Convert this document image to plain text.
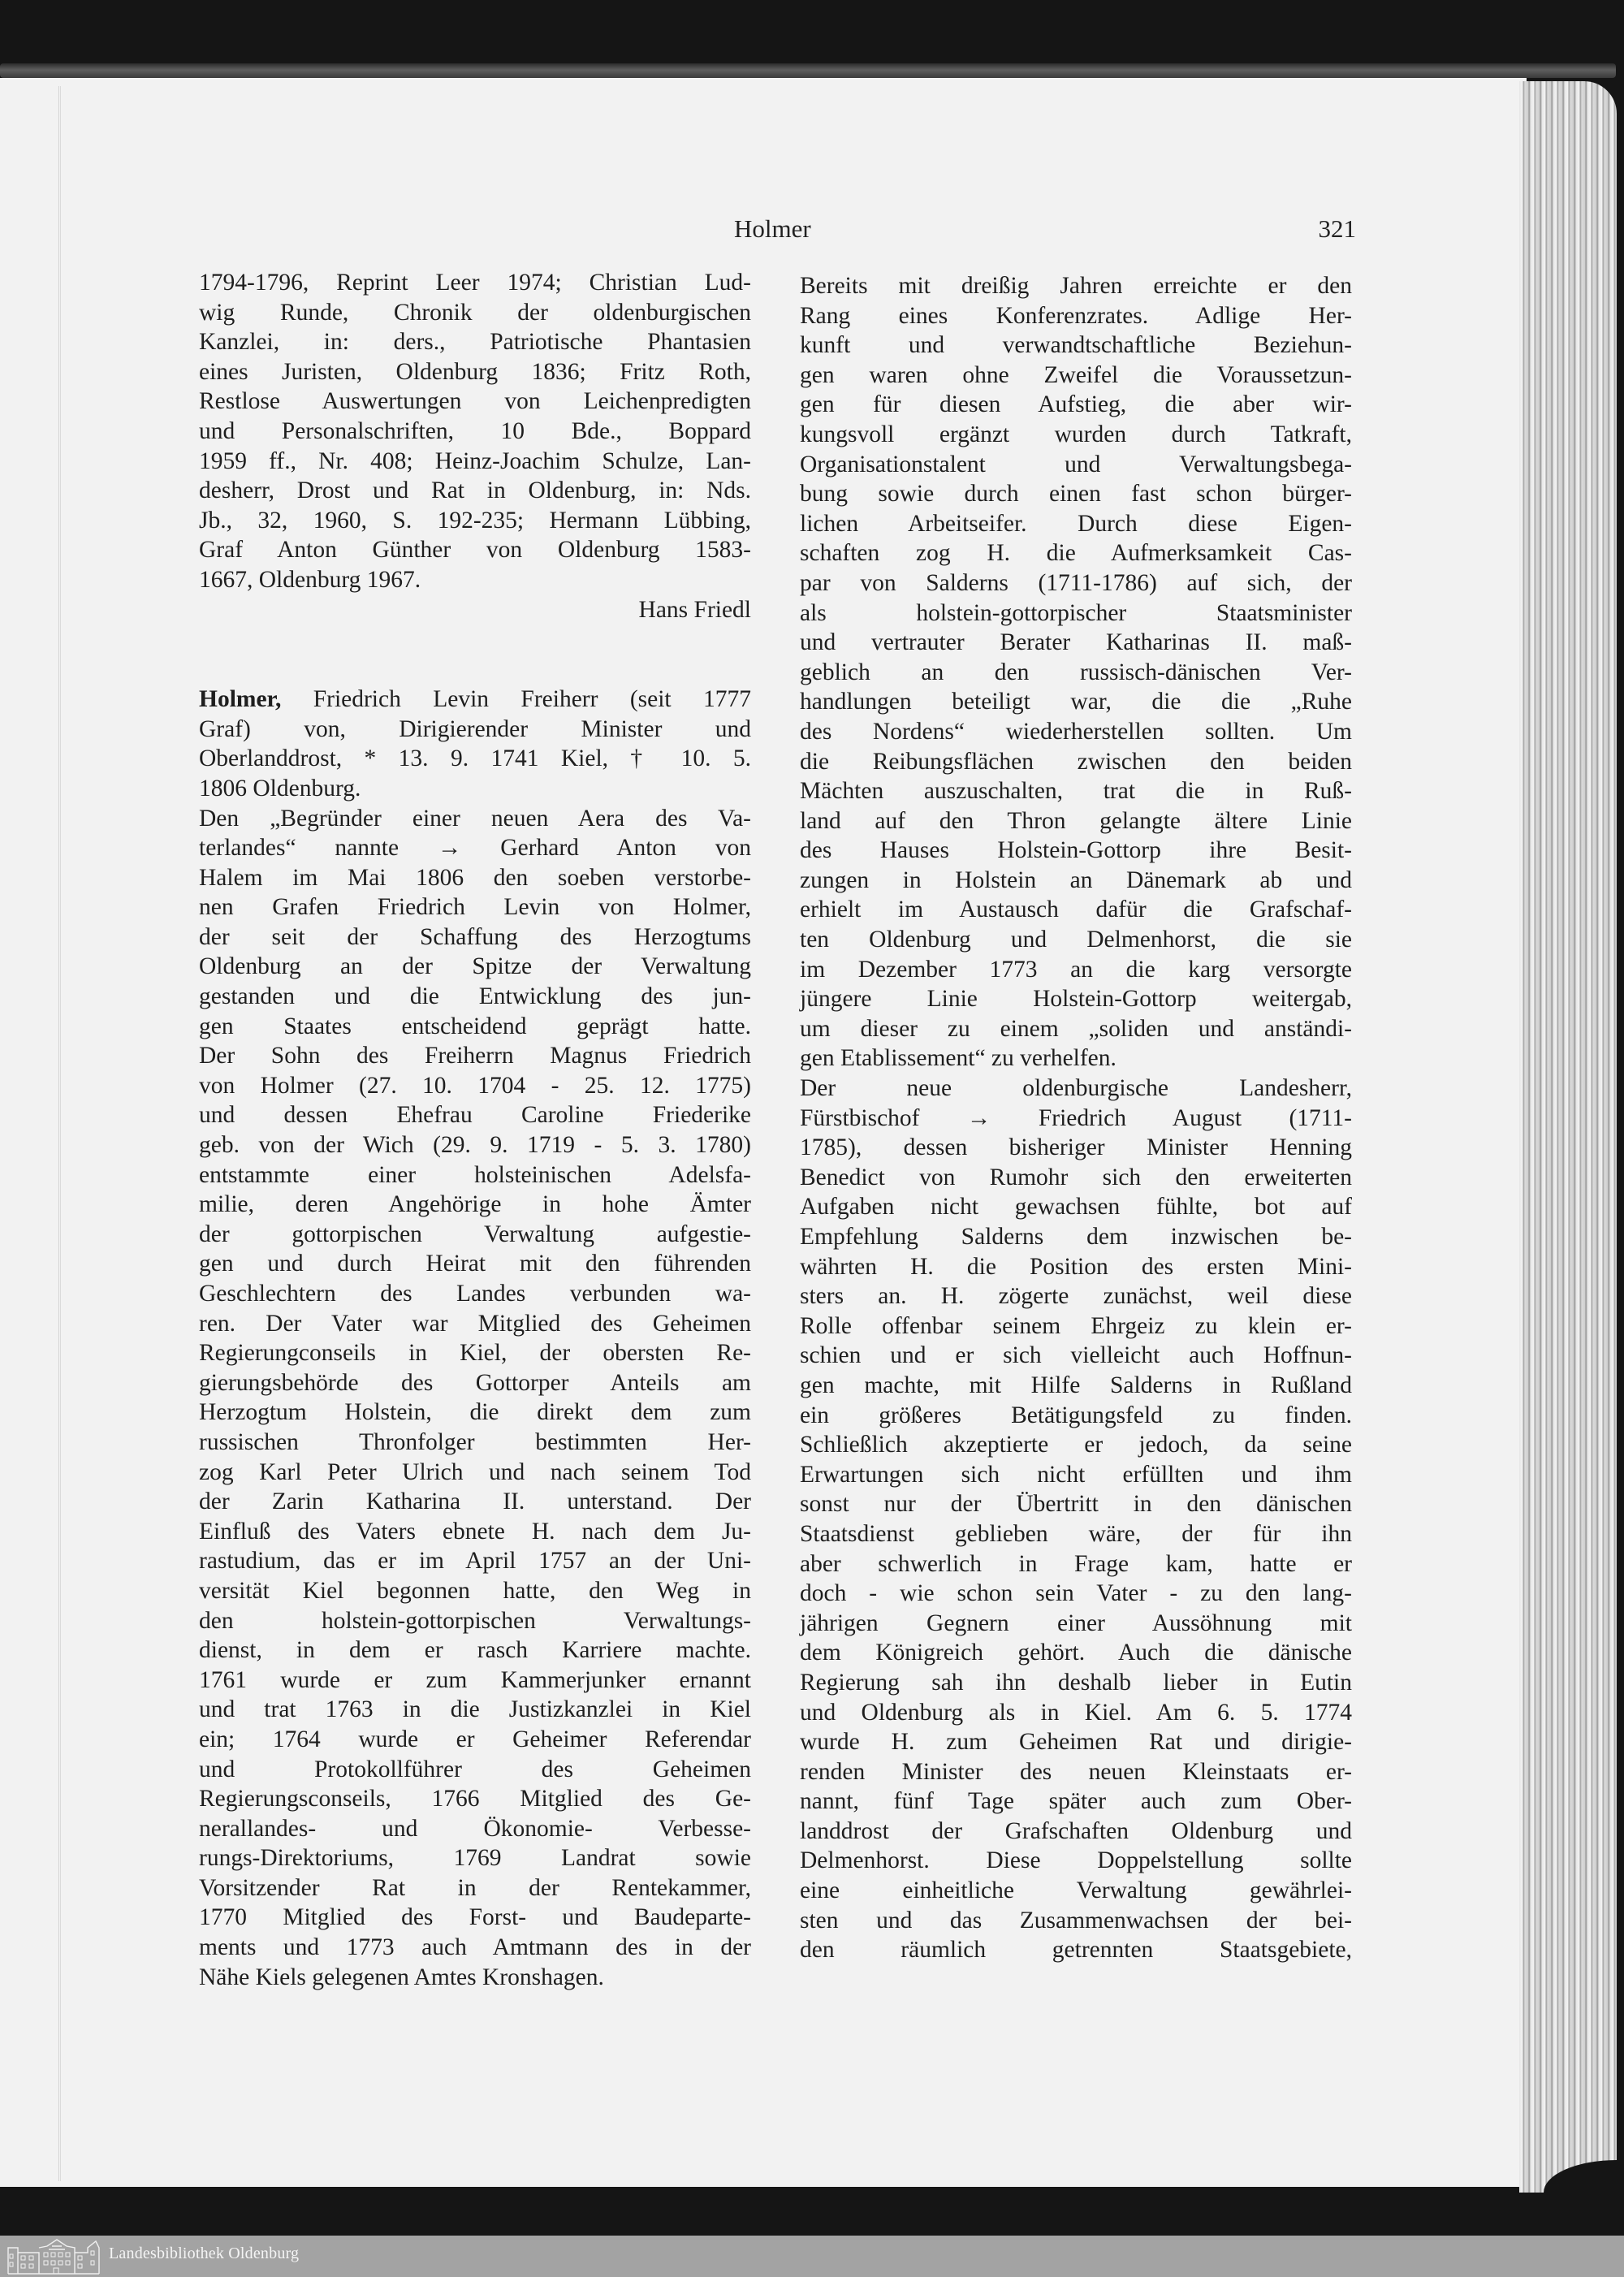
Holmer	321
1794-1796, Reprint Leer 1974; Christian Lud-
wig Runde, Chronik der oldenburgischen
Kanzlei, in: ders., Patriotische Phantasien
eines Juristen, Oldenburg 1836; Fritz Roth,
Restlose Auswertungen von Leichenpredigten
und Personalschriften, 10 Bde., Boppard
1959 ff., Nr. 408; Heinz-Joachim Schulze, Lan-
desherr, Drost und Rat in Oldenburg, in: Nds.
Jb., 32, 1960, S. 192-235; Hermann Lübbing,
Graf Anton Günther von Oldenburg 1583-
1667, Oldenburg 1967.
Hans Friedl
Holmer, Friedrich Levin Freiherr (seit 1777
Graf) von, Dirigierender Minister und
Oberlanddrost, * 13. 9. 1741 Kiel, † 10. 5.
1806 Oldenburg.
Den „Begründer einer neuen Aera des Va-
terlandes“ nannte → Gerhard Anton von
Halem im Mai 1806 den soeben verstorbe-
nen Grafen Friedrich Levin von Holmer,
der seit der Schaffung des Herzogtums
Oldenburg an der Spitze der Verwaltung
gestanden und die Entwicklung des jun-
gen Staates entscheidend geprägt hatte.
Der Sohn des Freiherrn Magnus Friedrich
von Holmer (27. 10. 1704 - 25. 12. 1775)
und dessen Ehefrau Caroline Friederike
geb. von der Wich (29. 9. 1719 - 5. 3. 1780)
entstammte einer holsteinischen Adelsfa-
milie, deren Angehörige in hohe Ämter
der gottorpischen Verwaltung aufgestie-
gen und durch Heirat mit den führenden
Geschlechtern des Landes verbunden wa-
ren. Der Vater war Mitglied des Geheimen
Regierungconseils in Kiel, der obersten Re-
gierungsbehörde des Gottorper Anteils am
Herzogtum Holstein, die direkt dem zum
russischen Thronfolger bestimmten Her-
zog Karl Peter Ulrich und nach seinem Tod
der Zarin Katharina II. unterstand. Der
Einfluß des Vaters ebnete H. nach dem Ju-
rastudium, das er im April 1757 an der Uni-
versität Kiel begonnen hatte, den Weg in
den holstein-gottorpischen Verwaltungs-
dienst, in dem er rasch Karriere machte.
1761 wurde er zum Kammerjunker ernannt
und trat 1763 in die Justizkanzlei in Kiel
ein; 1764 wurde er Geheimer Referendar
und Protokollführer des Geheimen
Regierungsconseils, 1766 Mitglied des Ge-
nerallandes- und Ökonomie- Verbesse-
rungs-Direktoriums, 1769 Landrat sowie
Vorsitzender Rat in der Rentekammer,
1770 Mitglied des Forst- und Baudeparte-
ments und 1773 auch Amtmann des in der
Nähe Kiels gelegenen Amtes Kronshagen.
Bereits mit dreißig Jahren erreichte er den
Rang eines Konferenzrates. Adlige Her-
kunft und verwandtschaftliche Beziehun-
gen waren ohne Zweifel die Voraussetzun-
gen für diesen Aufstieg, die aber wir-
kungsvoll ergänzt wurden durch Tatkraft,
Organisationstalent und Verwaltungsbega-
bung sowie durch einen fast schon bürger-
lichen Arbeitseifer. Durch diese Eigen-
schaften zog H. die Aufmerksamkeit Cas-
par von Salderns (1711-1786) auf sich, der
als holstein-gottorpischer Staatsminister
und vertrauter Berater Katharinas II. maß-
geblich an den russisch-dänischen Ver-
handlungen beteiligt war, die die „Ruhe
des Nordens“ wiederherstellen sollten. Um
die Reibungsflächen zwischen den beiden
Mächten auszuschalten, trat die in Ruß-
land auf den Thron gelangte ältere Linie
des Hauses Holstein-Gottorp ihre Besit-
zungen in Holstein an Dänemark ab und
erhielt im Austausch dafür die Grafschaf-
ten Oldenburg und Delmenhorst, die sie
im Dezember 1773 an die karg versorgte
jüngere Linie Holstein-Gottorp weitergab,
um dieser zu einem „soliden und anständi-
gen Etablissement“ zu verhelfen.
Der neue oldenburgische Landesherr,
Fürstbischof → Friedrich August (1711-
1785), dessen bisheriger Minister Henning
Benedict von Rumohr sich den erweiterten
Aufgaben nicht gewachsen fühlte, bot auf
Empfehlung Salderns dem inzwischen be-
währten H. die Position des ersten Mini-
sters an. H. zögerte zunächst, weil diese
Rolle offenbar seinem Ehrgeiz zu klein er-
schien und er sich vielleicht auch Hoffnun-
gen machte, mit Hilfe Salderns in Rußland
ein größeres Betätigungsfeld zu finden.
Schließlich akzeptierte er jedoch, da seine
Erwartungen sich nicht erfüllten und ihm
sonst nur der Übertritt in den dänischen
Staatsdienst geblieben wäre, der für ihn
aber schwerlich in Frage kam, hatte er
doch - wie schon sein Vater - zu den lang-
jährigen Gegnern einer Aussöhnung mit
dem Königreich gehört. Auch die dänische
Regierung sah ihn deshalb lieber in Eutin
und Oldenburg als in Kiel. Am 6. 5. 1774
wurde H. zum Geheimen Rat und dirigie-
renden Minister des neuen Kleinstaats er-
nannt, fünf Tage später auch zum Ober-
landdrost der Grafschaften Oldenburg und
Delmenhorst. Diese Doppelstellung sollte
eine einheitliche Verwaltung gewährlei-
sten und das Zusammenwachsen der bei-
den räumlich getrennten Staatsgebiete,
Landesbibliothek Oldenburg
